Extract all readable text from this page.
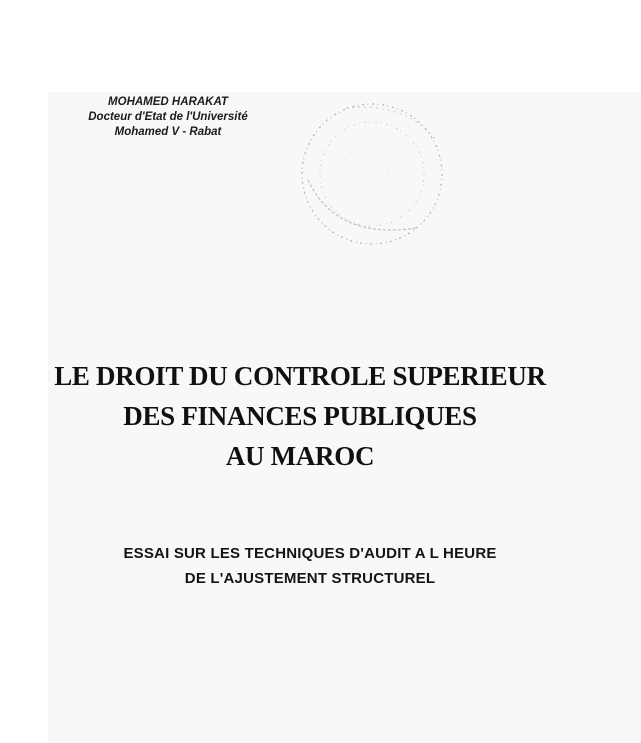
MOHAMED HARAKAT
Docteur d'Etat de l'Université
Mohamed V - Rabat
LE DROIT DU CONTROLE SUPERIEUR
DES FINANCES PUBLIQUES
AU MAROC
ESSAI SUR LES TECHNIQUES D'AUDIT A L HEURE
DE L'AJUSTEMENT STRUCTUREL
